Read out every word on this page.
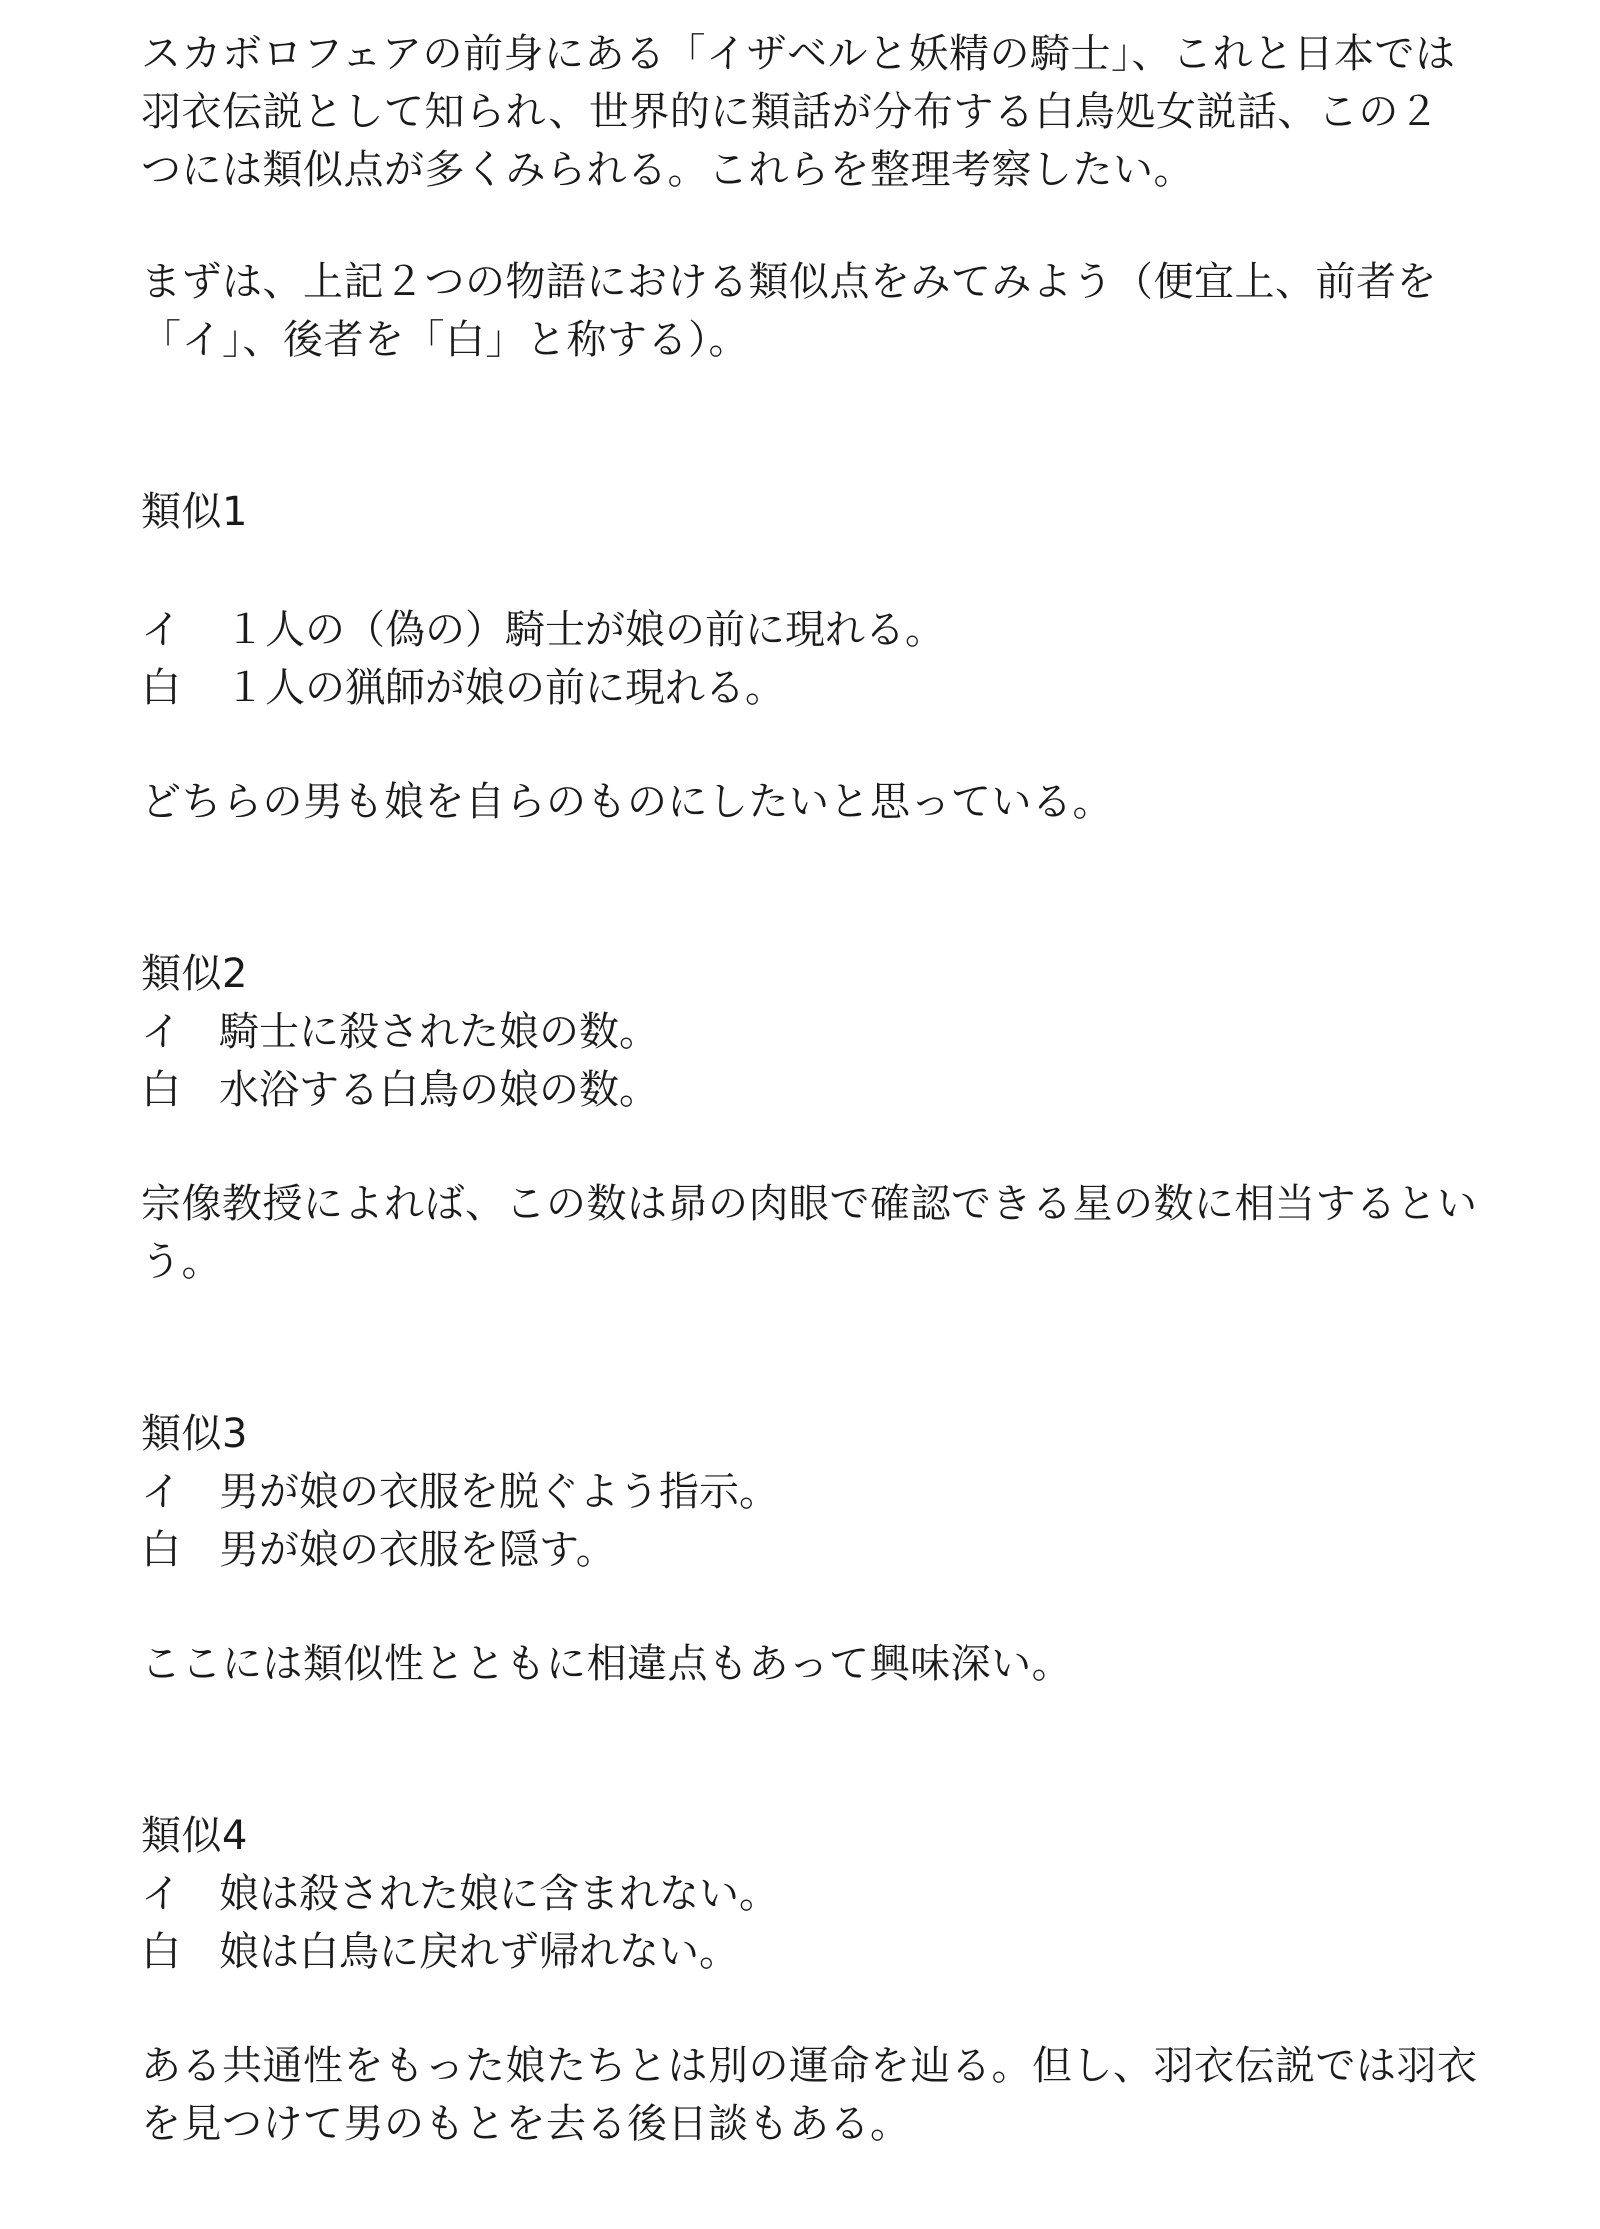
スカボロフェアの前身にある「イザベルと妖精の騎士」、これと日本では
羽衣伝説として知られ、世界的に類話が分布する白鳥処女説話、この２
つには類似点が多くみられる。これらを整理考察したい。
まずは、上記２つの物語における類似点をみてみよう（便宜上、前者を
「イ」、後者を「白」と称する）。
類似1
イ １人の（偽の）騎士が娘の前に現れる。
白 １人の猟師が娘の前に現れる。
どちらの男も娘を自らのものにしたいと思っている。
類似2
イ 騎士に殺された娘の数。
白 水浴する白鳥の娘の数。
宗像教授によれば、この数は昴の肉眼で確認できる星の数に相当するとい
う。
類似3
イ 男が娘の衣服を脱ぐよう指示。
白 男が娘の衣服を隠す。
ここには類似性とともに相違点もあって興味深い。
類似4
イ 娘は殺された娘に含まれない。
白 娘は白鳥に戻れず帰れない。
ある共通性をもった娘たちとは別の運命を辿る。但し、羽衣伝説では羽衣
を見つけて男のもとを去る後日談もある。
